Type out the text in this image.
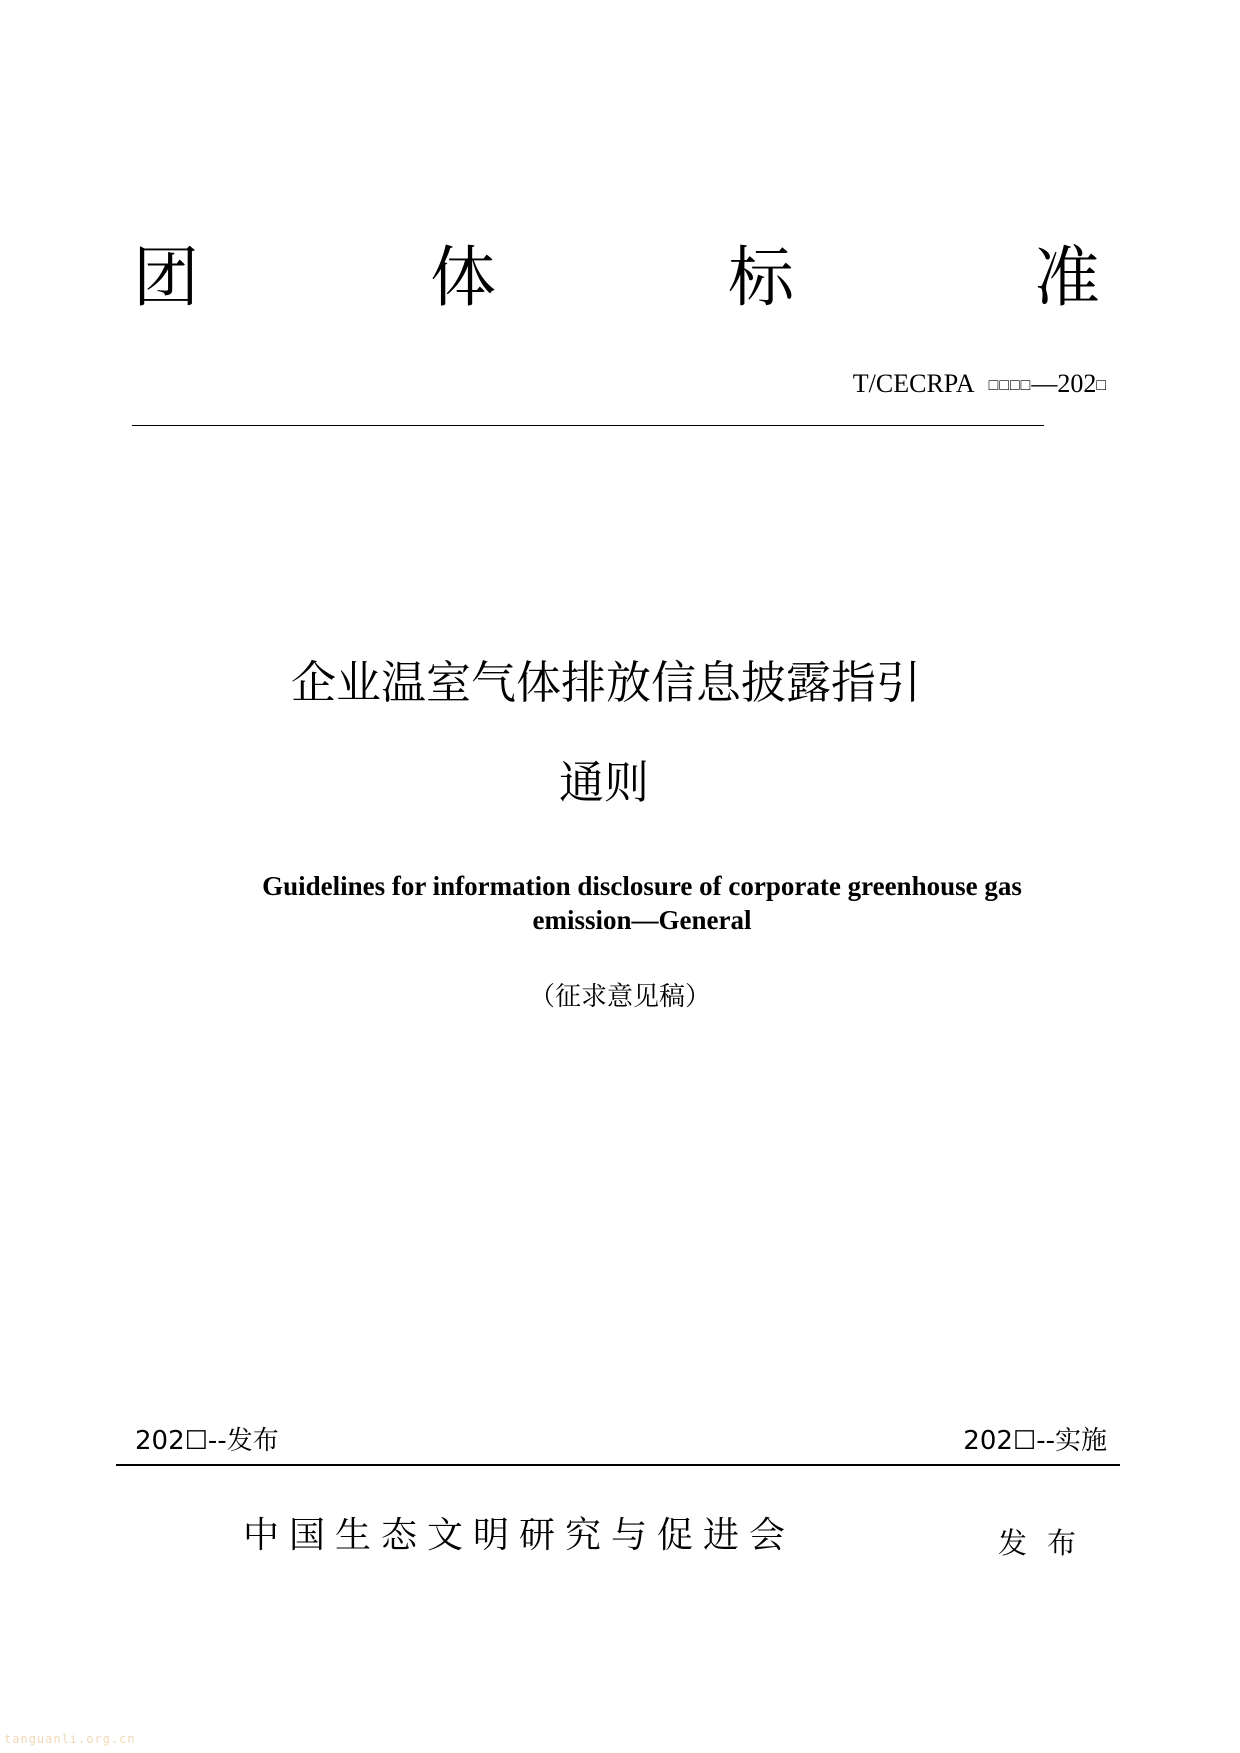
团	体	标	准
T/CECRPA □□□□—202□
企业温室气体排放信息披露指引
通则
Guidelines for information disclosure of corporate greenhouse gas
emission—General
（征求意见稿）
202☐--发布	202☐--实施
中国生态文明研究与促进会	发布
tanguanli.org.cn
